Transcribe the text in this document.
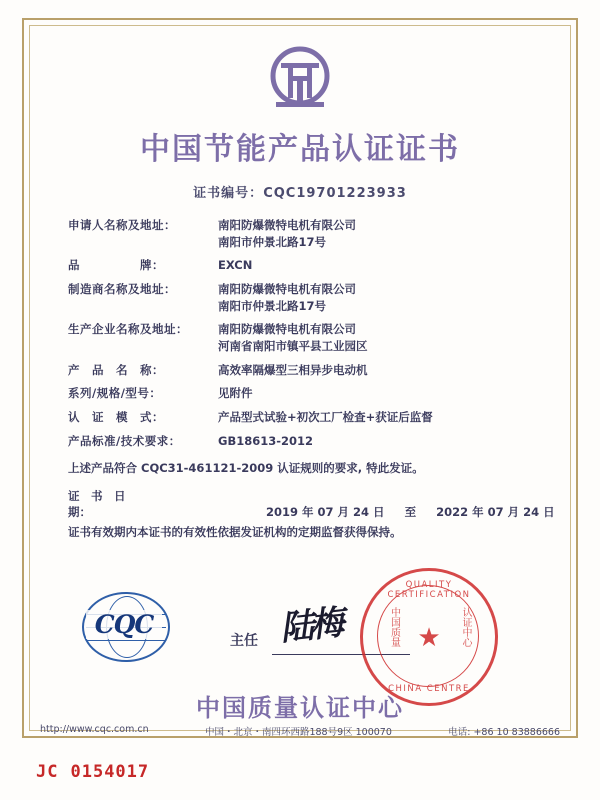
中国节能产品认证证书
证书编号：CQC19701223933
申请人名称及地址：	南阳防爆微特电机有限公司
南阳市仲景北路17号
品　　　　　牌：	EXCN
制造商名称及地址：	南阳防爆微特电机有限公司
南阳市仲景北路17号
生产企业名称及地址：	南阳防爆微特电机有限公司
河南省南阳市镇平县工业园区
产　品　名　称：	高效率隔爆型三相异步电动机
系列/规格/型号：	见附件
认　证　模　式：	产品型式试验+初次工厂检查+获证后监督
产品标准/技术要求：	GB18613-2012
上述产品符合 CQC31-461121-2009 认证规则的要求, 特此发证。
证　书　日　期：	2019 年 07 月 24 日 至 2022 年 07 月 24 日
证书有效期内本证书的有效性依据发证机构的定期监督获得保持。
CQC
主任 陆梅
QUALITY CERTIFICATION
CHINA CENTRE
中国质量	认证中心
★
中国质量认证中心
http://www.cqc.com.cn	中国・北京・南四环西路188号9区 100070	电话: +86 10 83886666
JC 0154017
